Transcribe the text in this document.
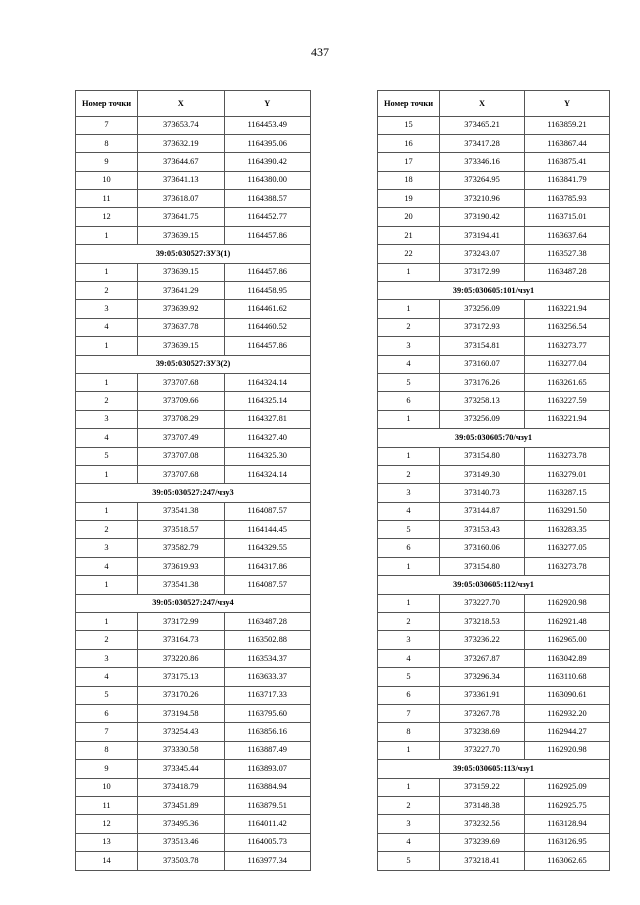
437
Номер точки	X	Y
7	373653.74	1164453.49
8	373632.19	1164395.06
9	373644.67	1164390.42
10	373641.13	1164380.00
11	373618.07	1164388.57
12	373641.75	1164452.77
1	373639.15	1164457.86
39:05:030527:ЗУ3(1)		
1	373639.15	1164457.86
2	373641.29	1164458.95
3	373639.92	1164461.62
4	373637.78	1164460.52
1	373639.15	1164457.86
39:05:030527:ЗУ3(2)		
1	373707.68	1164324.14
2	373709.66	1164325.14
3	373708.29	1164327.81
4	373707.49	1164327.40
5	373707.08	1164325.30
1	373707.68	1164324.14
39:05:030527:247/чзу3		
1	373541.38	1164087.57
2	373518.57	1164144.45
3	373582.79	1164329.55
4	373619.93	1164317.86
1	373541.38	1164087.57
39:05:030527:247/чзу4		
1	373172.99	1163487.28
2	373164.73	1163502.88
3	373220.86	1163534.37
4	373175.13	1163633.37
5	373170.26	1163717.33
6	373194.58	1163795.60
7	373254.43	1163856.16
8	373330.58	1163887.49
9	373345.44	1163893.07
10	373418.79	1163884.94
11	373451.89	1163879.51
12	373495.36	1164011.42
13	373513.46	1164005.73
14	373503.78	1163977.34
Номер точки	X	Y
15	373465.21	1163859.21
16	373417.28	1163867.44
17	373346.16	1163875.41
18	373264.95	1163841.79
19	373210.96	1163785.93
20	373190.42	1163715.01
21	373194.41	1163637.64
22	373243.07	1163527.38
1	373172.99	1163487.28
39:05:030605:101/чзу1		
1	373256.09	1163221.94
2	373172.93	1163256.54
3	373154.81	1163273.77
4	373160.07	1163277.04
5	373176.26	1163261.65
6	373258.13	1163227.59
1	373256.09	1163221.94
39:05:030605:70/чзу1		
1	373154.80	1163273.78
2	373149.30	1163279.01
3	373140.73	1163287.15
4	373144.87	1163291.50
5	373153.43	1163283.35
6	373160.06	1163277.05
1	373154.80	1163273.78
39:05:030605:112/чзу1		
1	373227.70	1162920.98
2	373218.53	1162921.48
3	373236.22	1162965.00
4	373267.87	1163042.89
5	373296.34	1163110.68
6	373361.91	1163090.61
7	373267.78	1162932.20
8	373238.69	1162944.27
1	373227.70	1162920.98
39:05:030605:113/чзу1		
1	373159.22	1162925.09
2	373148.38	1162925.75
3	373232.56	1163128.94
4	373239.69	1163126.95
5	373218.41	1163062.65
